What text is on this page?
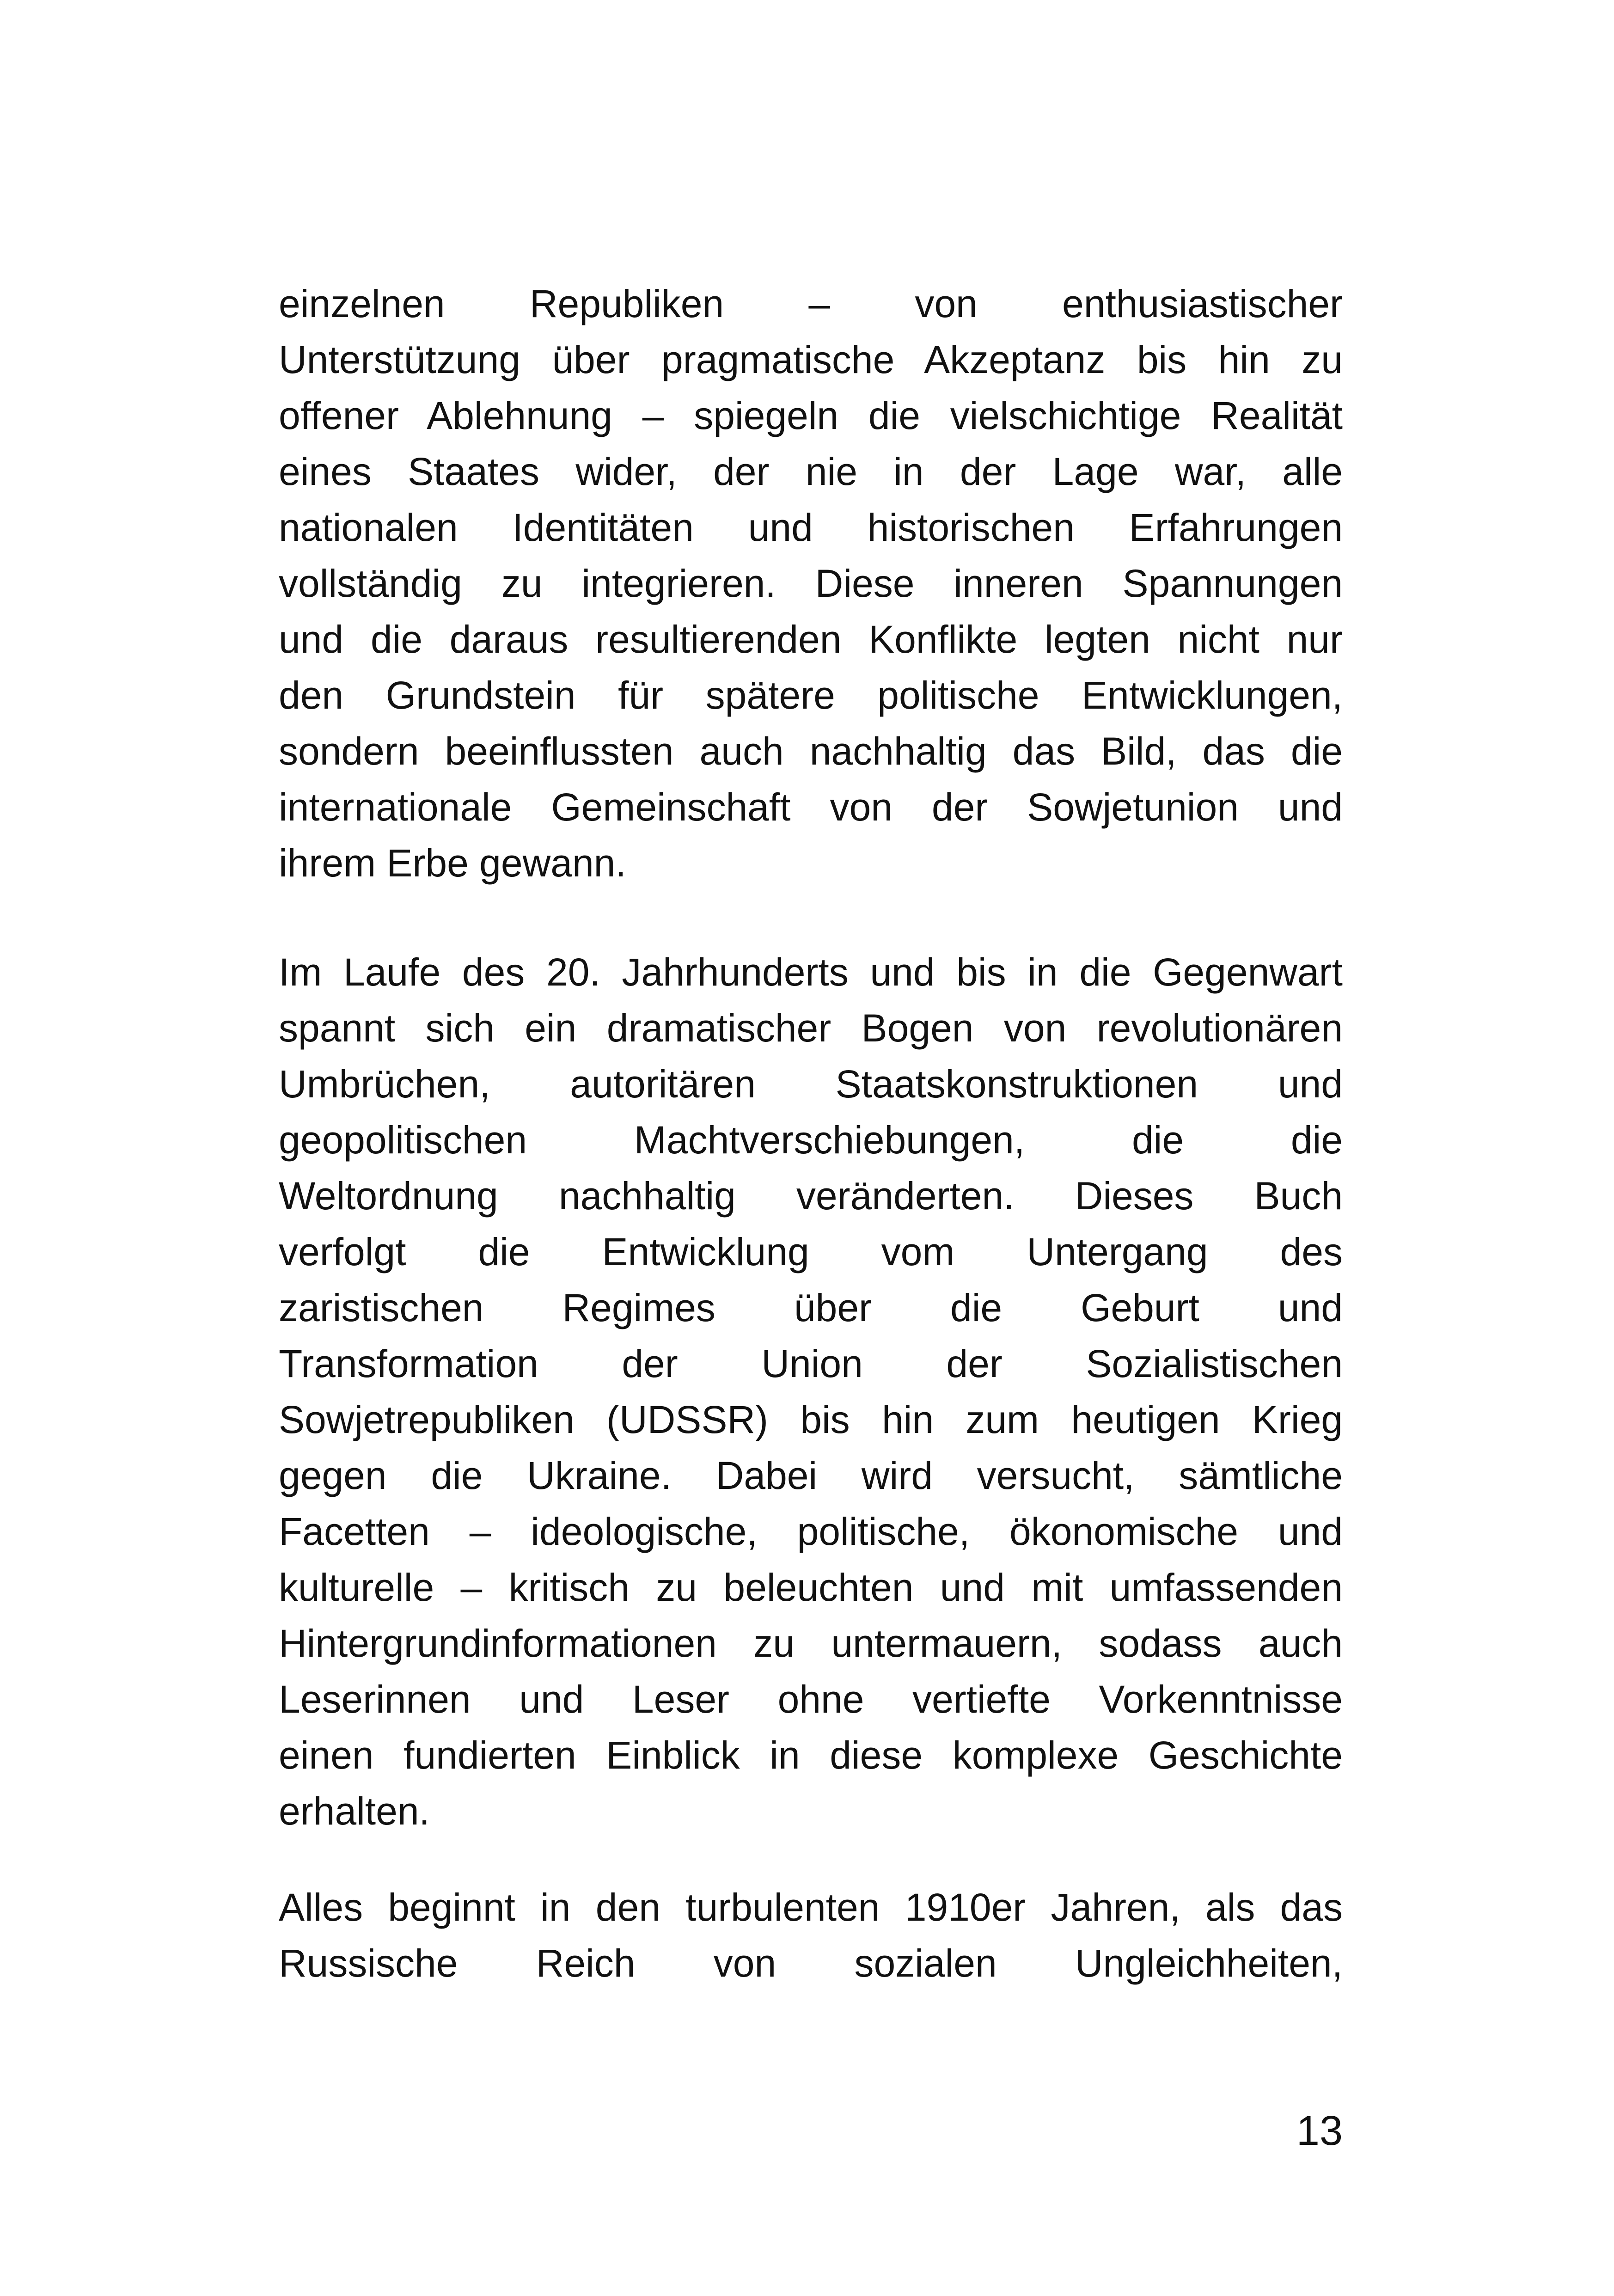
einzelnen Republiken – von enthusiastischer
Unterstützung über pragmatische Akzeptanz bis hin zu
offener Ablehnung – spiegeln die vielschichtige Realität
eines Staates wider, der nie in der Lage war, alle
nationalen Identitäten und historischen Erfahrungen
vollständig zu integrieren. Diese inneren Spannungen
und die daraus resultierenden Konflikte legten nicht nur
den Grundstein für spätere politische Entwicklungen,
sondern beeinflussten auch nachhaltig das Bild, das die
internationale Gemeinschaft von der Sowjetunion und
ihrem Erbe gewann.
Im Laufe des 20. Jahrhunderts und bis in die Gegenwart
spannt sich ein dramatischer Bogen von revolutionären
Umbrüchen, autoritären Staatskonstruktionen und
geopolitischen Machtverschiebungen, die die
Weltordnung nachhaltig veränderten. Dieses Buch
verfolgt die Entwicklung vom Untergang des
zaristischen Regimes über die Geburt und
Transformation der Union der Sozialistischen
Sowjetrepubliken (UDSSR) bis hin zum heutigen Krieg
gegen die Ukraine. Dabei wird versucht, sämtliche
Facetten – ideologische, politische, ökonomische und
kulturelle – kritisch zu beleuchten und mit umfassenden
Hintergrundinformationen zu untermauern, sodass auch
Leserinnen und Leser ohne vertiefte Vorkenntnisse
einen fundierten Einblick in diese komplexe Geschichte
erhalten.
Alles beginnt in den turbulenten 1910er Jahren, als das
Russische Reich von sozialen Ungleichheiten,
13
